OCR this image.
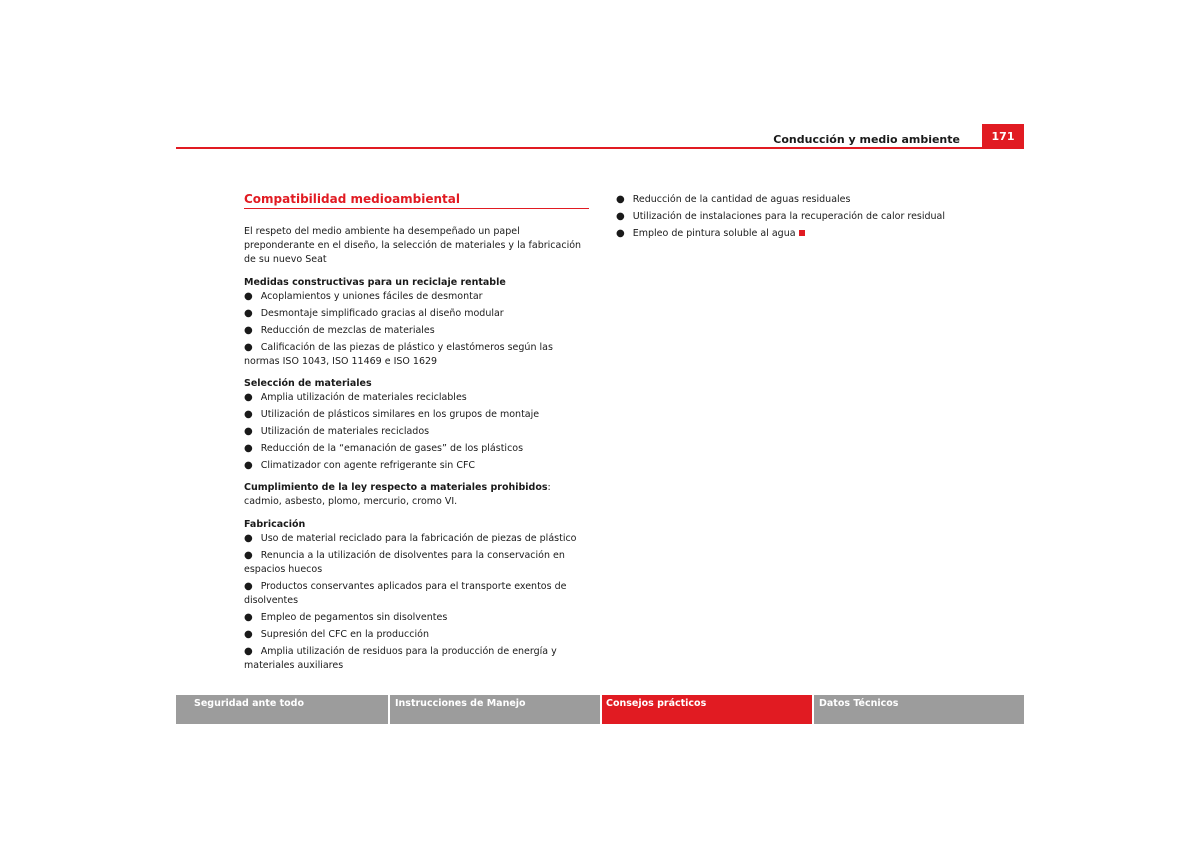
Conducción y medio ambiente	171
Compatibilidad medioambiental

El respeto del medio ambiente ha desempeñado un papel preponderante en el diseño, la selección de materiales y la fabricación de su nuevo Seat

Medidas constructivas para un reciclaje rentable

● Acoplamientos y uniones fáciles de desmontar
● Desmontaje simplificado gracias al diseño modular
● Reducción de mezclas de materiales
● Calificación de las piezas de plástico y elastómeros según las normas ISO 1043, ISO 11469 e ISO 1629

Selección de materiales

● Amplia utilización de materiales reciclables
● Utilización de plásticos similares en los grupos de montaje
● Utilización de materiales reciclados
● Reducción de la “emanación de gases” de los plásticos
● Climatizador con agente refrigerante sin CFC

Cumplimiento de la ley respecto a materiales prohibidos: cadmio, asbesto, plomo, mercurio, cromo VI.

Fabricación

● Uso de material reciclado para la fabricación de piezas de plástico
● Renuncia a la utilización de disolventes para la conservación en espacios huecos
● Productos conservantes aplicados para el transporte exentos de disolventes
● Empleo de pegamentos sin disolventes
● Supresión del CFC en la producción
● Amplia utilización de residuos para la producción de energía y materiales auxiliares
● Reducción de la cantidad de aguas residuales
● Utilización de instalaciones para la recuperación de calor residual
● Empleo de pintura soluble al agua
Seguridad ante todo	Instrucciones de Manejo	Consejos prácticos	Datos Técnicos
